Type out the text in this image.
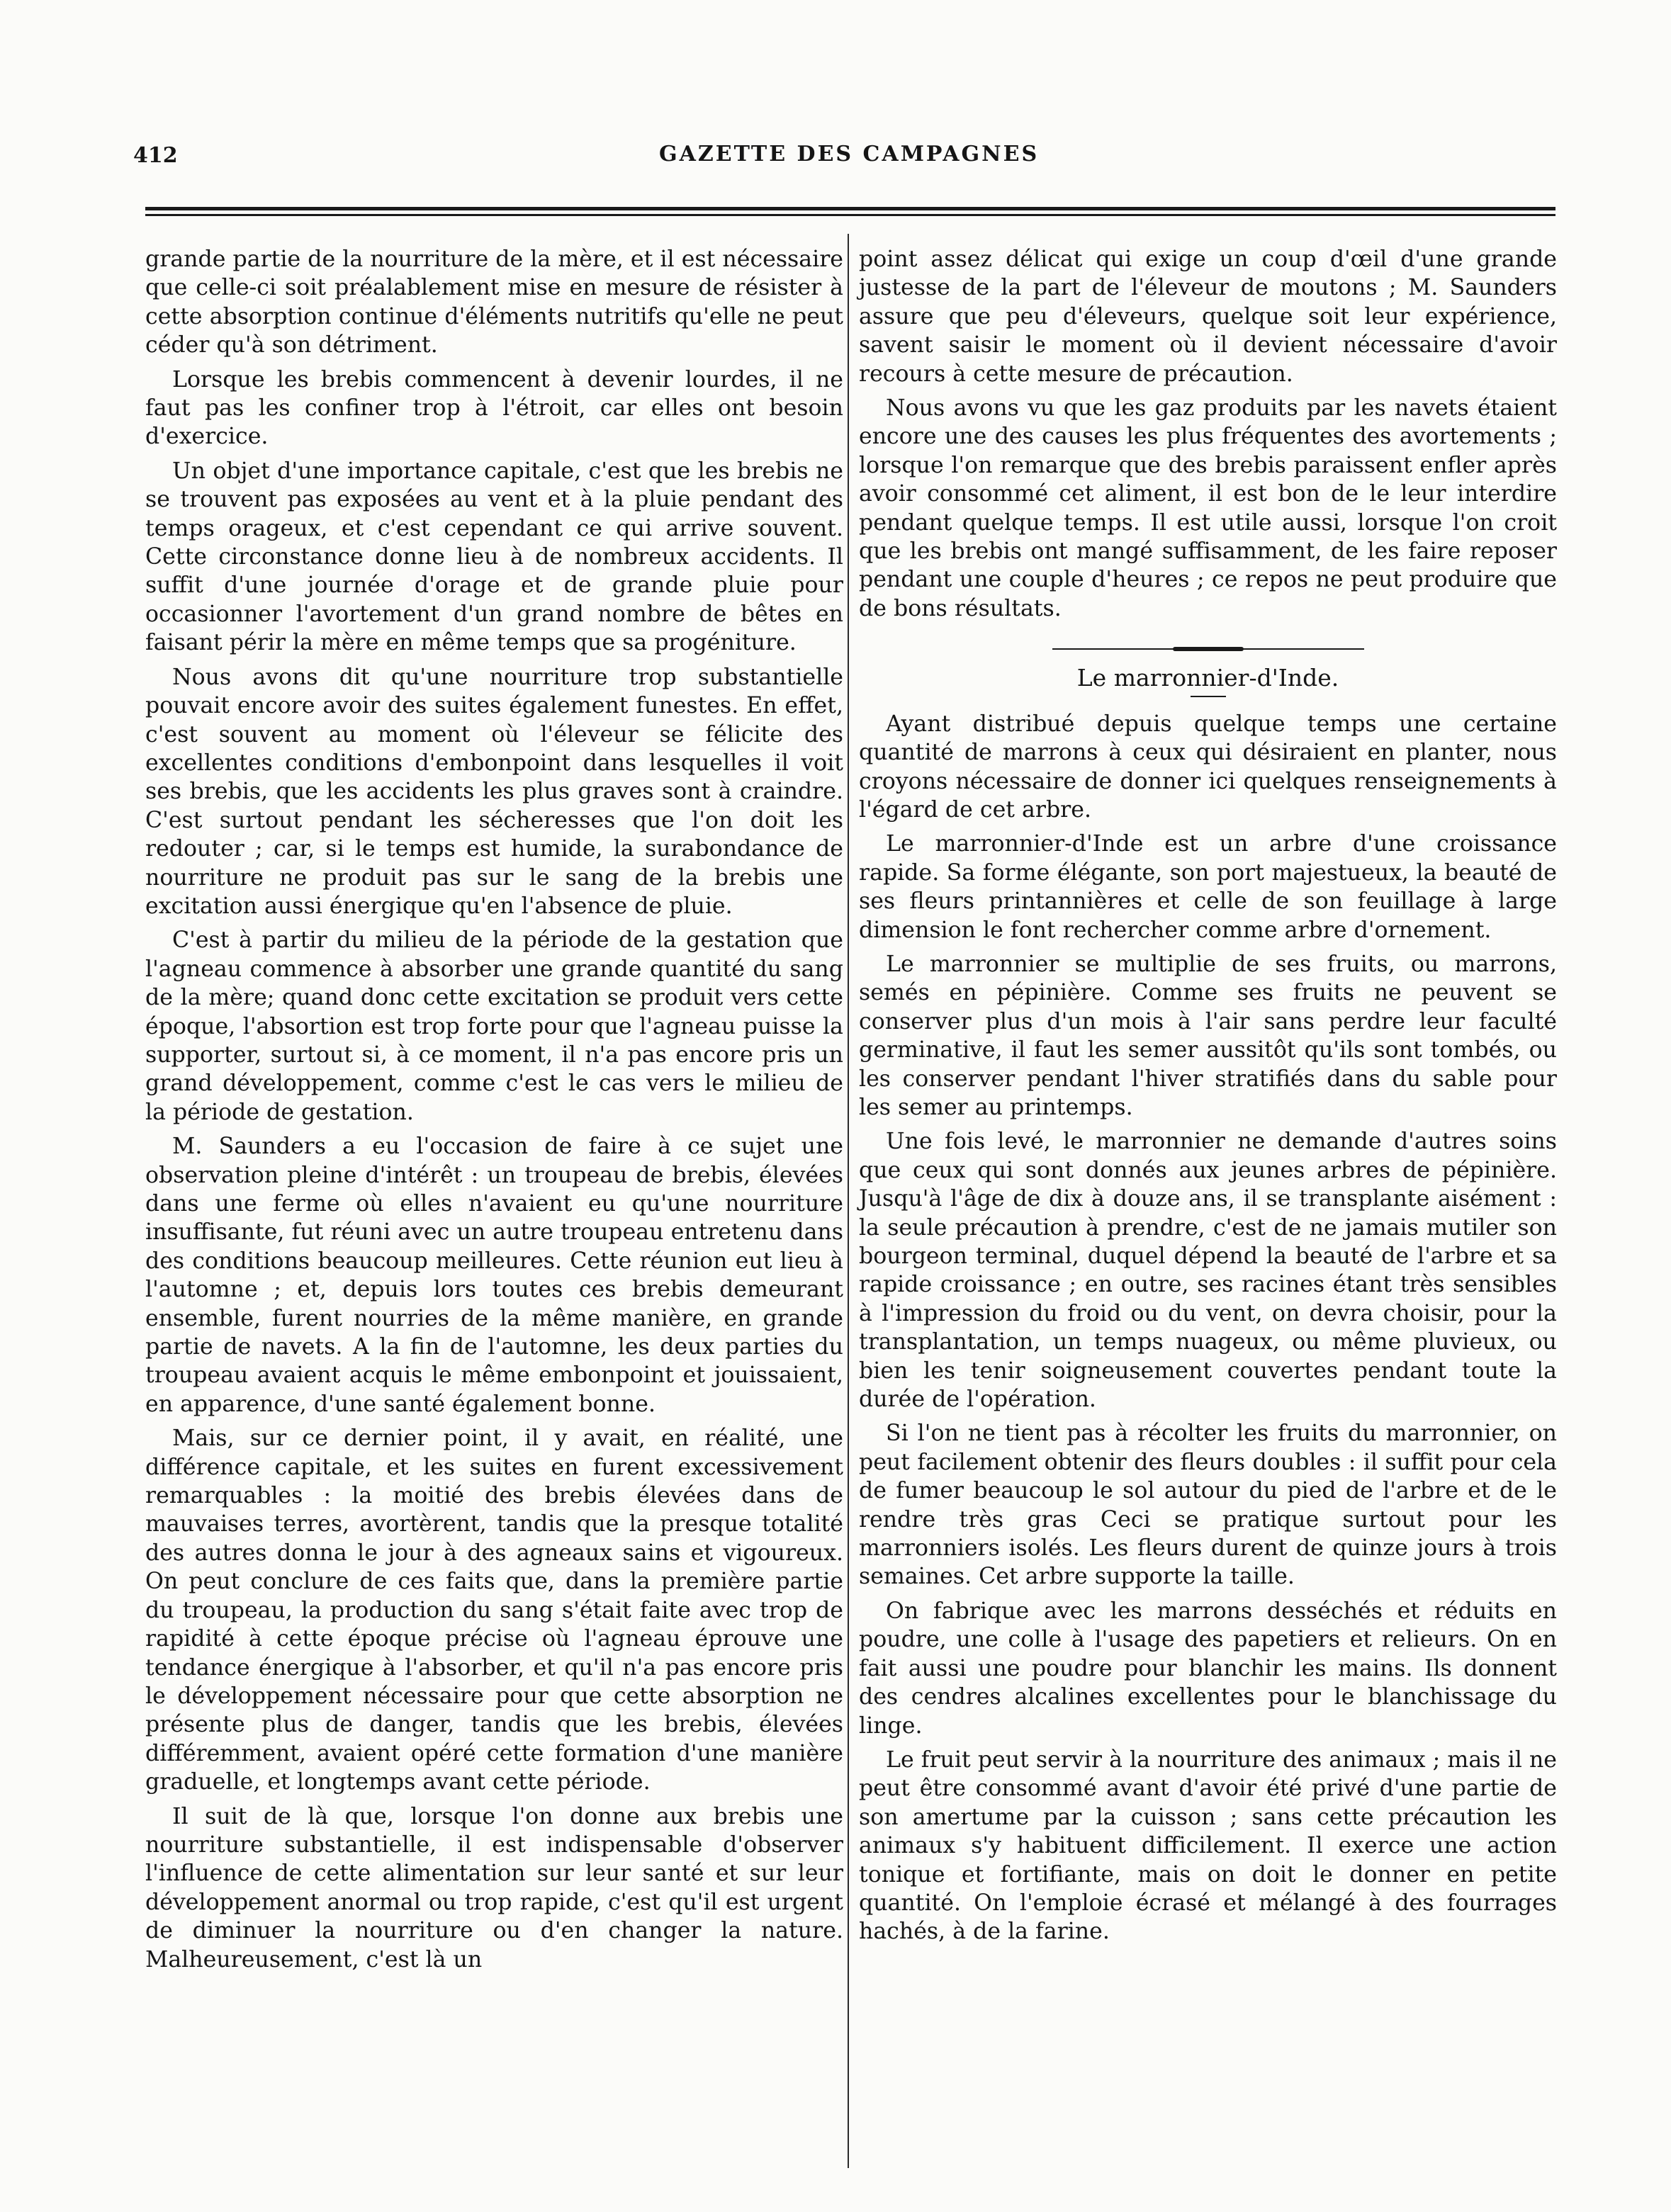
412	GAZETTE DES CAMPAGNES

grande partie de la nourriture de la mère, et il est nécessaire que celle-ci soit préalablement mise en mesure de résister à cette absorption continue d'éléments nutritifs qu'elle ne peut céder qu'à son détriment.

Lorsque les brebis commencent à devenir lourdes, il ne faut pas les confiner trop à l'étroit, car elles ont besoin d'exercice.

Un objet d'une importance capitale, c'est que les brebis ne se trouvent pas exposées au vent et à la pluie pendant des temps orageux, et c'est cependant ce qui arrive souvent. Cette circonstance donne lieu à de nombreux accidents. Il suffit d'une journée d'orage et de grande pluie pour occasionner l'avortement d'un grand nombre de bêtes en faisant périr la mère en même temps que sa progéniture.

Nous avons dit qu'une nourriture trop substantielle pouvait encore avoir des suites également funestes. En effet, c'est souvent au moment où l'éleveur se félicite des excellentes conditions d'embonpoint dans lesquelles il voit ses brebis, que les accidents les plus graves sont à craindre. C'est surtout pendant les sécheresses que l'on doit les redouter ; car, si le temps est humide, la surabondance de nourriture ne produit pas sur le sang de la brebis une excitation aussi énergique qu'en l'absence de pluie.

C'est à partir du milieu de la période de la gestation que l'agneau commence à absorber une grande quantité du sang de la mère; quand donc cette excitation se produit vers cette époque, l'absortion est trop forte pour que l'agneau puisse la supporter, surtout si, à ce moment, il n'a pas encore pris un grand développement, comme c'est le cas vers le milieu de la période de gestation.

M. Saunders a eu l'occasion de faire à ce sujet une observation pleine d'intérêt : un troupeau de brebis, élevées dans une ferme où elles n'avaient eu qu'une nourriture insuffisante, fut réuni avec un autre troupeau entretenu dans des conditions beaucoup meilleures. Cette réunion eut lieu à l'automne ; et, depuis lors toutes ces brebis demeurant ensemble, furent nourries de la même manière, en grande partie de navets. A la fin de l'automne, les deux parties du troupeau avaient acquis le même embonpoint et jouissaient, en apparence, d'une santé également bonne.

Mais, sur ce dernier point, il y avait, en réalité, une différence capitale, et les suites en furent excessivement remarquables : la moitié des brebis élevées dans de mauvaises terres, avortèrent, tandis que la presque totalité des autres donna le jour à des agneaux sains et vigoureux. On peut conclure de ces faits que, dans la première partie du troupeau, la production du sang s'était faite avec trop de rapidité à cette époque précise où l'agneau éprouve une tendance énergique à l'absorber, et qu'il n'a pas encore pris le développement nécessaire pour que cette absorption ne présente plus de danger, tandis que les brebis, élevées différemment, avaient opéré cette formation d'une manière graduelle, et longtemps avant cette période.

Il suit de là que, lorsque l'on donne aux brebis une nourriture substantielle, il est indispensable d'observer l'influence de cette alimentation sur leur santé et sur leur développement anormal ou trop rapide, c'est qu'il est urgent de diminuer la nourriture ou d'en changer la nature. Malheureusement, c'est là un

point assez délicat qui exige un coup d'œil d'une grande justesse de la part de l'éleveur de moutons ; M. Saunders assure que peu d'éleveurs, quelque soit leur expérience, savent saisir le moment où il devient nécessaire d'avoir recours à cette mesure de précaution.

Nous avons vu que les gaz produits par les navets étaient encore une des causes les plus fréquentes des avortements ; lorsque l'on remarque que des brebis paraissent enfler après avoir consommé cet aliment, il est bon de le leur interdire pendant quelque temps. Il est utile aussi, lorsque l'on croit que les brebis ont mangé suffisamment, de les faire reposer pendant une couple d'heures ; ce repos ne peut produire que de bons résultats.

Le marronnier-d'Inde.

Ayant distribué depuis quelque temps une certaine quantité de marrons à ceux qui désiraient en planter, nous croyons nécessaire de donner ici quelques renseignements à l'égard de cet arbre.

Le marronnier-d'Inde est un arbre d'une croissance rapide. Sa forme élégante, son port majestueux, la beauté de ses fleurs printannières et celle de son feuillage à large dimension le font rechercher comme arbre d'ornement.

Le marronnier se multiplie de ses fruits, ou marrons, semés en pépinière. Comme ses fruits ne peuvent se conserver plus d'un mois à l'air sans perdre leur faculté germinative, il faut les semer aussitôt qu'ils sont tombés, ou les conserver pendant l'hiver stratifiés dans du sable pour les semer au printemps.

Une fois levé, le marronnier ne demande d'autres soins que ceux qui sont donnés aux jeunes arbres de pépinière. Jusqu'à l'âge de dix à douze ans, il se transplante aisément : la seule précaution à prendre, c'est de ne jamais mutiler son bourgeon terminal, duquel dépend la beauté de l'arbre et sa rapide croissance ; en outre, ses racines étant très sensibles à l'impression du froid ou du vent, on devra choisir, pour la transplantation, un temps nuageux, ou même pluvieux, ou bien les tenir soigneusement couvertes pendant toute la durée de l'opération.

Si l'on ne tient pas à récolter les fruits du marronnier, on peut facilement obtenir des fleurs doubles : il suffit pour cela de fumer beaucoup le sol autour du pied de l'arbre et de le rendre très gras Ceci se pratique surtout pour les marronniers isolés. Les fleurs durent de quinze jours à trois semaines. Cet arbre supporte la taille.

On fabrique avec les marrons desséchés et réduits en poudre, une colle à l'usage des papetiers et relieurs. On en fait aussi une poudre pour blanchir les mains. Ils donnent des cendres alcalines excellentes pour le blanchissage du linge.

Le fruit peut servir à la nourriture des animaux ; mais il ne peut être consommé avant d'avoir été privé d'une partie de son amertume par la cuisson ; sans cette précaution les animaux s'y habituent difficilement. Il exerce une action tonique et fortifiante, mais on doit le donner en petite quantité. On l'emploie écrasé et mélangé à des fourrages hachés, à de la farine.
